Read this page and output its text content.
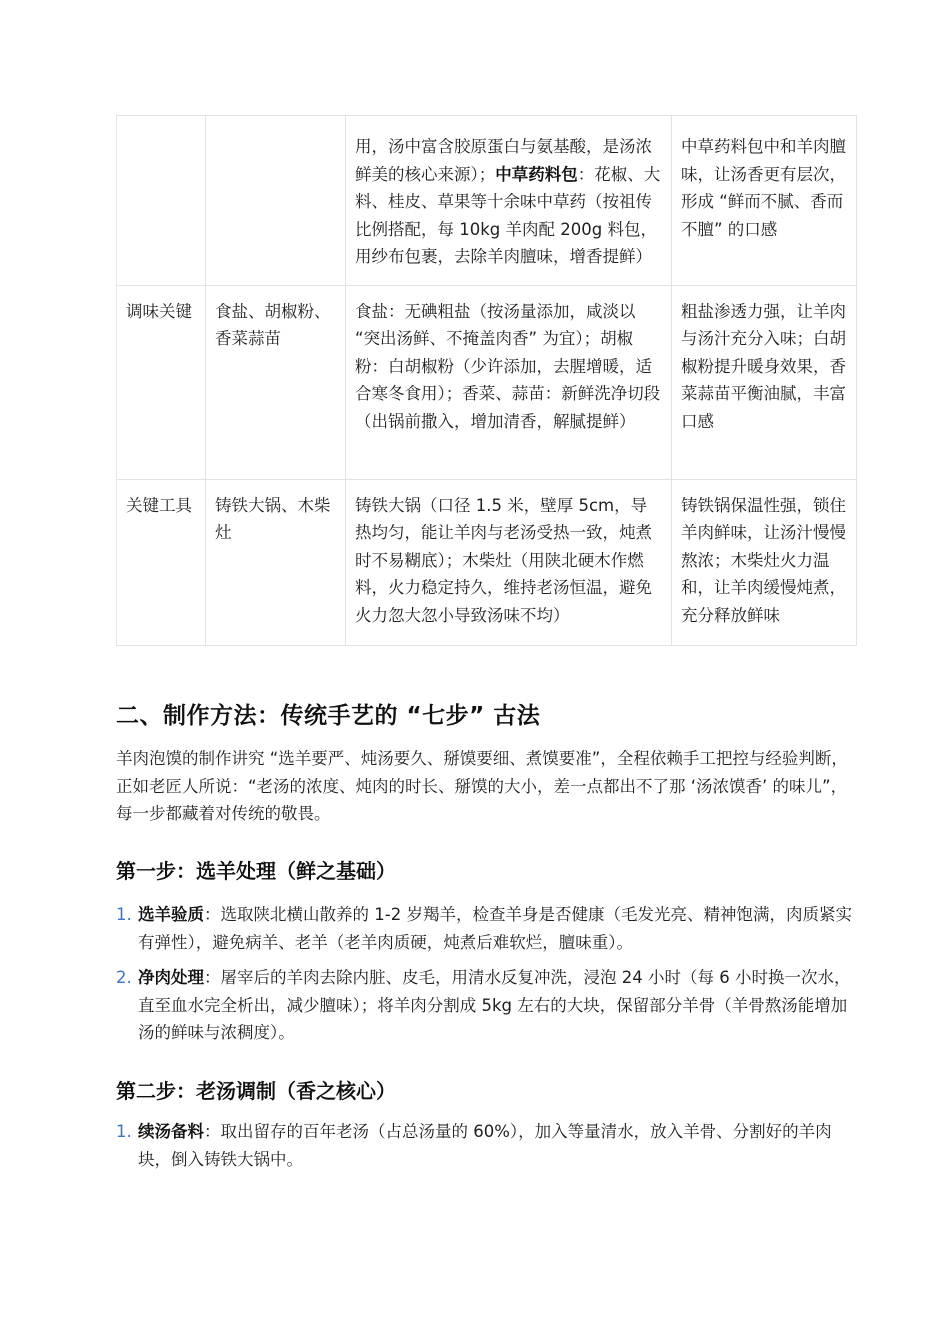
		用，汤中富含胶原蛋白与氨基酸，是汤浓鲜美的核心来源）；中草药料包：花椒、大料、桂皮、草果等十余味中草药（按祖传比例搭配，每 10kg 羊肉配 200g 料包，用纱布包裹，去除羊肉膻味，增香提鲜）	中草药料包中和羊肉膻味，让汤香更有层次，形成 “鲜而不腻、香而不膻” 的口感
调味关键	食盐、胡椒粉、香菜蒜苗	食盐：无碘粗盐（按汤量添加，咸淡以 “突出汤鲜、不掩盖肉香” 为宜）；胡椒粉：白胡椒粉（少许添加，去腥增暖，适合寒冬食用）；香菜、蒜苗：新鲜洗净切段（出锅前撒入，增加清香，解腻提鲜）	粗盐渗透力强，让羊肉与汤汁充分入味；白胡椒粉提升暖身效果，香菜蒜苗平衡油腻，丰富口感
关键工具	铸铁大锅、木柴灶	铸铁大锅（口径 1.5 米，壁厚 5cm，导热均匀，能让羊肉与老汤受热一致，炖煮时不易糊底）；木柴灶（用陕北硬木作燃料，火力稳定持久，维持老汤恒温，避免火力忽大忽小导致汤味不均）	铸铁锅保温性强，锁住羊肉鲜味，让汤汁慢慢熬浓；木柴灶火力温和，让羊肉缓慢炖煮，充分释放鲜味
二、制作方法：传统手艺的 “七步” 古法

羊肉泡馍的制作讲究 “选羊要严、炖汤要久、掰馍要细、煮馍要准”，全程依赖手工把控与经验判断，正如老匠人所说：“老汤的浓度、炖肉的时长、掰馍的大小，差一点都出不了那 ‘汤浓馍香’ 的味儿”，每一步都藏着对传统的敬畏。

第一步：选羊处理（鲜之基础）
1. 选羊验质：选取陕北横山散养的 1-2 岁羯羊，检查羊身是否健康（毛发光亮、精神饱满，肉质紧实有弹性），避免病羊、老羊（老羊肉质硬，炖煮后难软烂，膻味重）。
2. 净肉处理：屠宰后的羊肉去除内脏、皮毛，用清水反复冲洗，浸泡 24 小时（每 6 小时换一次水，直至血水完全析出，减少膻味）；将羊肉分割成 5kg 左右的大块，保留部分羊骨（羊骨熬汤能增加汤的鲜味与浓稠度）。
第二步：老汤调制（香之核心）
1. 续汤备料：取出留存的百年老汤（占总汤量的 60%），加入等量清水，放入羊骨、分割好的羊肉块，倒入铸铁大锅中。
